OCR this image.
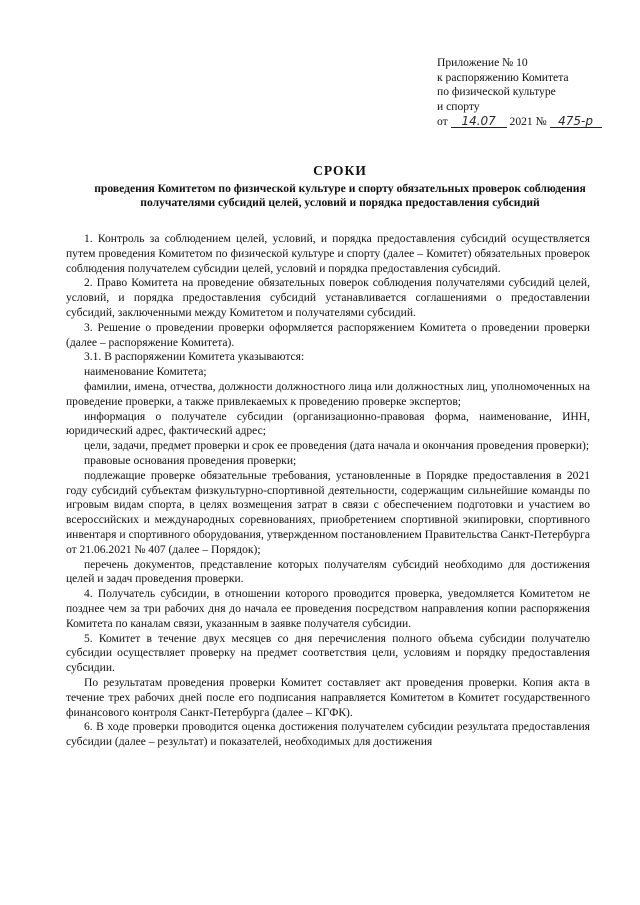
Приложение № 10
к распоряжению Комитета
по физической культуре
и спорту
от 14.07 2021 № 475-р
СРОКИ
проведения Комитетом по физической культуре и спорту обязательных проверок соблюдения получателями субсидий целей, условий и порядка предоставления субсидий

1. Контроль за соблюдением целей, условий, и порядка предоставления субсидий осуществляется путем проведения Комитетом по физической культуре и спорту (далее – Комитет) обязательных проверок соблюдения получателем субсидии целей, условий и порядка предоставления субсидий.

2. Право Комитета на проведение обязательных поверок соблюдения получателями субсидий целей, условий, и порядка предоставления субсидий устанавливается соглашениями о предоставлении субсидий, заключенными между Комитетом и получателями субсидий.

3. Решение о проведении проверки оформляется распоряжением Комитета о проведении проверки (далее – распоряжение Комитета).

3.1. В распоряжении Комитета указываются:

наименование Комитета;

фамилии, имена, отчества, должности должностного лица или должностных лиц, уполномоченных на проведение проверки, а также привлекаемых к проведению проверке экспертов;

информация о получателе субсидии (организационно-правовая форма, наименование, ИНН, юридический адрес, фактический адрес;

цели, задачи, предмет проверки и срок ее проведения (дата начала и окончания проведения проверки);

правовые основания проведения проверки;

подлежащие проверке обязательные требования, установленные в Порядке предоставления в 2021 году субсидий субъектам физкультурно-спортивной деятельности, содержащим сильнейшие команды по игровым видам спорта, в целях возмещения затрат в связи с обеспечением подготовки и участием во всероссийских и международных соревнованиях, приобретением спортивной экипировки, спортивного инвентаря и спортивного оборудования, утвержденном постановлением Правительства Санкт-Петербурга от 21.06.2021 № 407 (далее – Порядок);

перечень документов, представление которых получателям субсидий необходимо для достижения целей и задач проведения проверки.

4. Получатель субсидии, в отношении которого проводится проверка, уведомляется Комитетом не позднее чем за три рабочих дня до начала ее проведения посредством направления копии распоряжения Комитета по каналам связи, указанным в заявке получателя субсидии.

5. Комитет в течение двух месяцев со дня перечисления полного объема субсидии получателю субсидии осуществляет проверку на предмет соответствия цели, условиям и порядку предоставления субсидии.

По результатам проведения проверки Комитет составляет акт проведения проверки. Копия акта в течение трех рабочих дней после его подписания направляется Комитетом в Комитет государственного финансового контроля Санкт-Петербурга (далее – КГФК).

6. В ходе проверки проводится оценка достижения получателем субсидии результата предоставления субсидии (далее – результат) и показателей, необходимых для достижения
